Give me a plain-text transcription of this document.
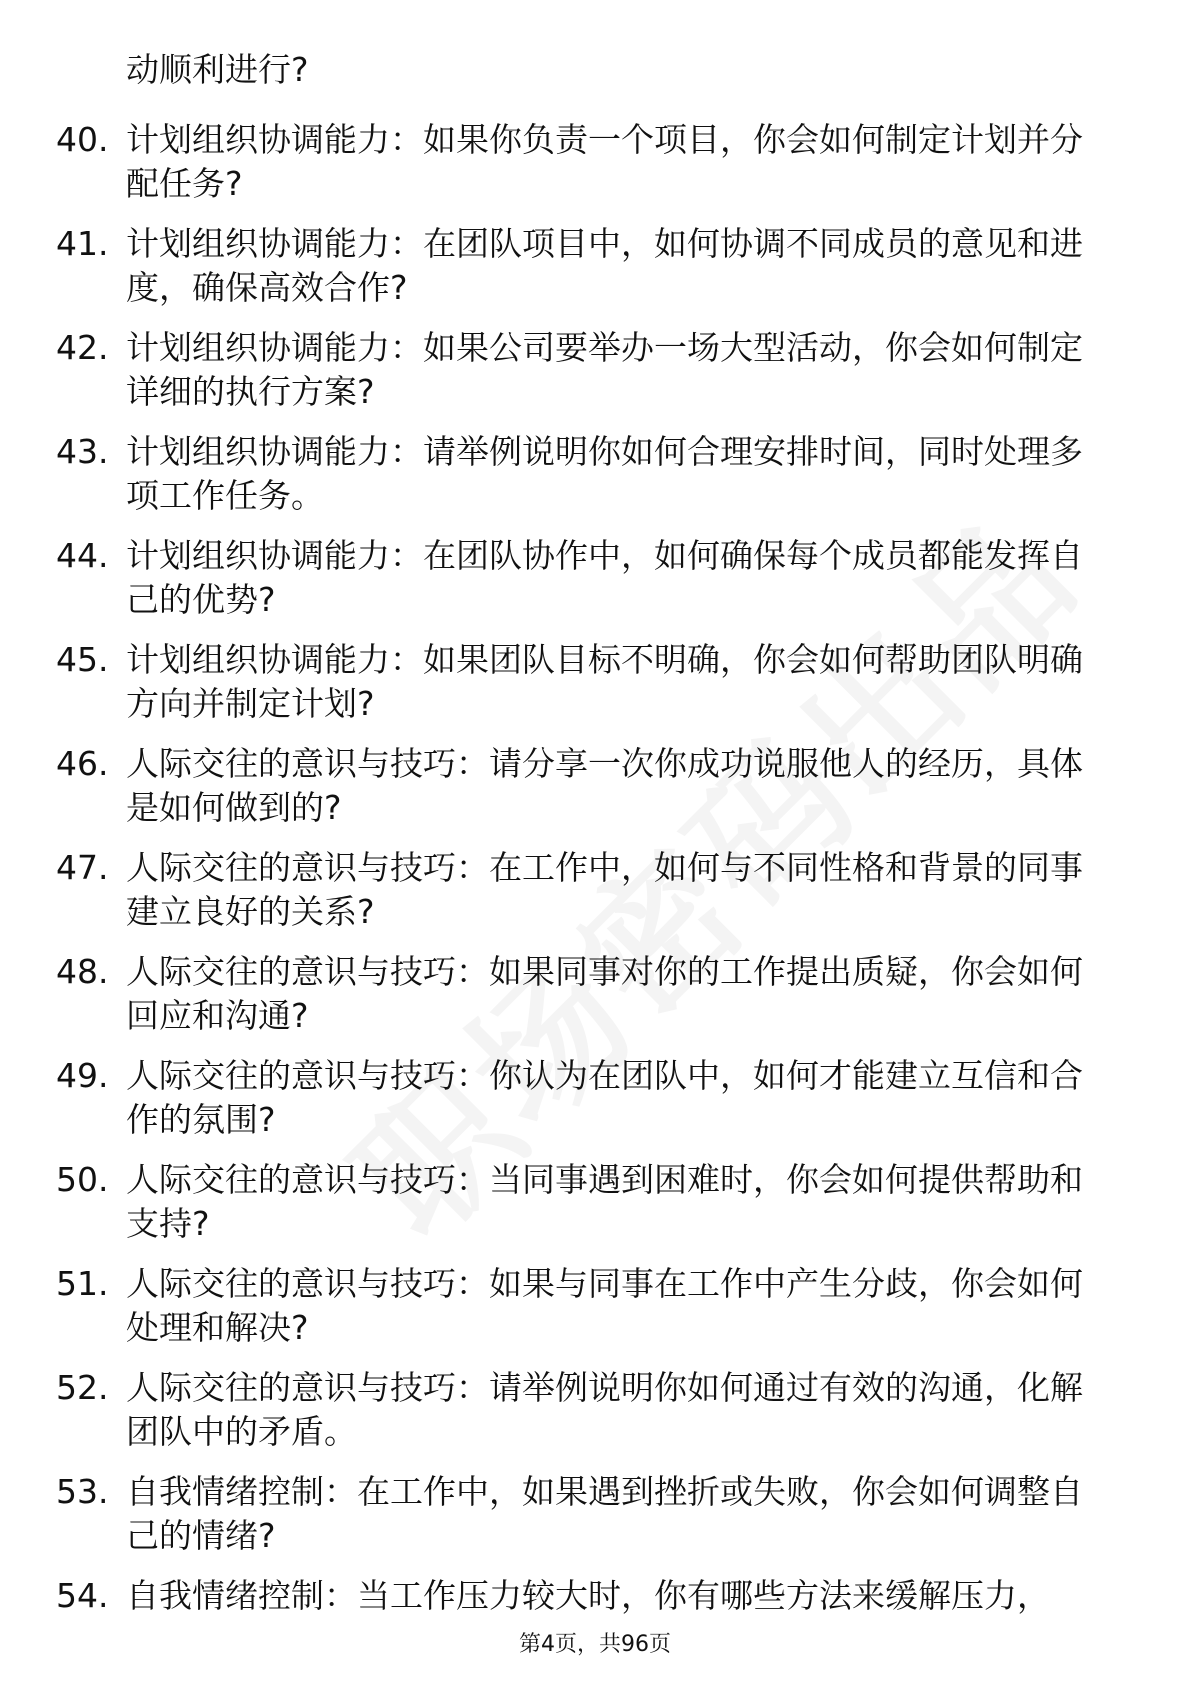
动顺利进行?
40. 计划组织协调能力：如果你负责一个项目，你会如何制定计划并分配任务?
41. 计划组织协调能力：在团队项目中，如何协调不同成员的意见和进度，确保高效合作?
42. 计划组织协调能力：如果公司要举办一场大型活动，你会如何制定详细的执行方案?
43. 计划组织协调能力：请举例说明你如何合理安排时间，同时处理多项工作任务。
44. 计划组织协调能力：在团队协作中，如何确保每个成员都能发挥自己的优势?
45. 计划组织协调能力：如果团队目标不明确，你会如何帮助团队明确方向并制定计划?
46. 人际交往的意识与技巧：请分享一次你成功说服他人的经历，具体是如何做到的?
47. 人际交往的意识与技巧：在工作中，如何与不同性格和背景的同事建立良好的关系?
48. 人际交往的意识与技巧：如果同事对你的工作提出质疑，你会如何回应和沟通?
49. 人际交往的意识与技巧：你认为在团队中，如何才能建立互信和合作的氛围?
50. 人际交往的意识与技巧：当同事遇到困难时，你会如何提供帮助和支持?
51. 人际交往的意识与技巧：如果与同事在工作中产生分歧，你会如何处理和解决?
52. 人际交往的意识与技巧：请举例说明你如何通过有效的沟通，化解团队中的矛盾。
53. 自我情绪控制：在工作中，如果遇到挫折或失败，你会如何调整自己的情绪?
54. 自我情绪控制：当工作压力较大时，你有哪些方法来缓解压力，
第4页，共96页
